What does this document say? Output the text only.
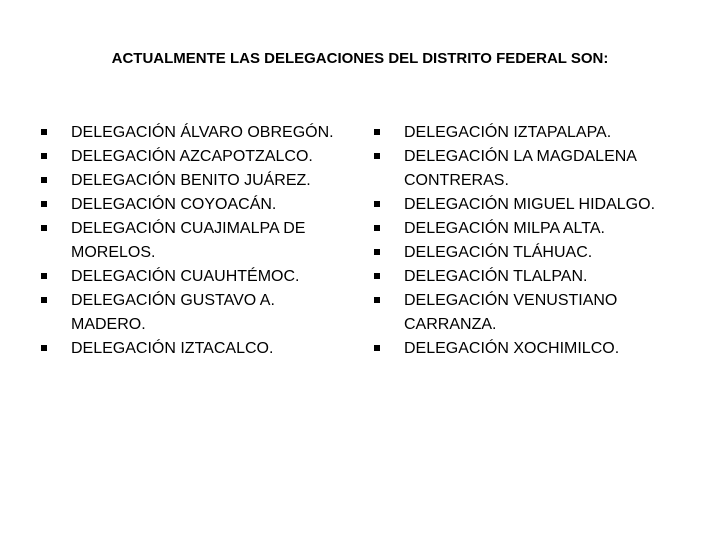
ACTUALMENTE LAS DELEGACIONES DEL DISTRITO FEDERAL SON:
DELEGACIÓN ÁLVARO OBREGÓN.
DELEGACIÓN AZCAPOTZALCO.
DELEGACIÓN BENITO JUÁREZ.
DELEGACIÓN COYOACÁN.
DELEGACIÓN CUAJIMALPA DE MORELOS.
DELEGACIÓN CUAUHTÉMOC.
DELEGACIÓN GUSTAVO A. MADERO.
DELEGACIÓN IZTACALCO.
DELEGACIÓN IZTAPALAPA.
DELEGACIÓN LA MAGDALENA CONTRERAS.
DELEGACIÓN MIGUEL HIDALGO.
DELEGACIÓN MILPA ALTA.
DELEGACIÓN TLÁHUAC.
DELEGACIÓN TLALPAN.
DELEGACIÓN VENUSTIANO CARRANZA.
DELEGACIÓN XOCHIMILCO.
